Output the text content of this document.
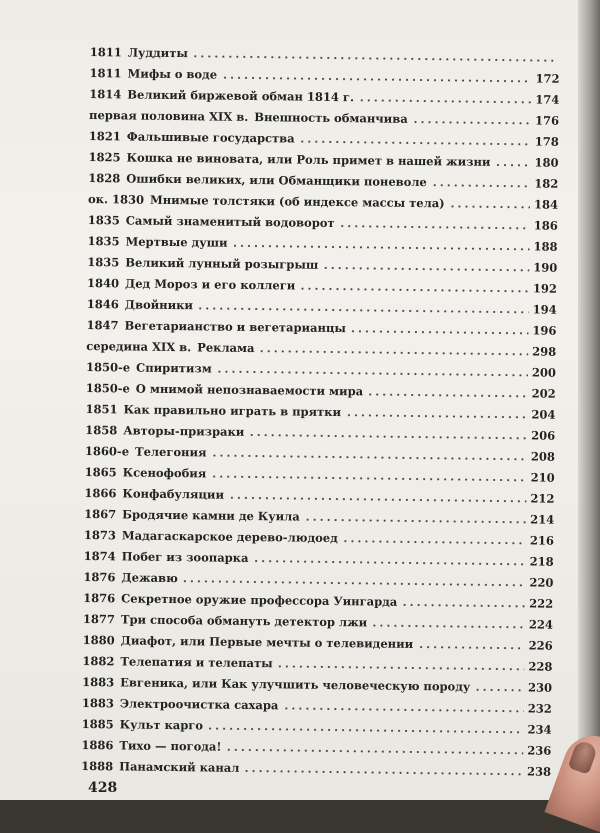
1811 Луддиты
1811 Мифы о воде	172
1814 Великий биржевой обман 1814 г.	174
первая половина XIX в. Внешность обманчива	176
1821 Фальшивые государства	178
1825 Кошка не виновата, или Роль примет в нашей жизни	180
1828 Ошибки великих, или Обманщики поневоле	182
ок. 1830 Мнимые толстяки (об индексе массы тела)	184
1835 Самый знаменитый водоворот	186
1835 Мертвые души	188
1835 Великий лунный розыгрыш	190
1840 Дед Мороз и его коллеги	192
1846 Двойники	194
1847 Вегетарианство и вегетарианцы	196
середина XIX в. Реклама	298
1850-е Спиритизм	200
1850-е О мнимой непознаваемости мира	202
1851 Как правильно играть в прятки	204
1858 Авторы-призраки	206
1860-е Телегония	208
1865 Ксенофобия	210
1866 Конфабуляции	212
1867 Бродячие камни де Куила	214
1873 Мадагаскарское дерево-людоед	216
1874 Побег из зоопарка	218
1876 Дежавю	220
1876 Секретное оружие профессора Уингарда	222
1877 Три способа обмануть детектор лжи	224
1880 Диафот, или Первые мечты о телевидении	226
1882 Телепатия и телепаты	228
1883 Евгеника, или Как улучшить человеческую породу	230
1883 Электроочистка сахара	232
1885 Культ карго	234
1886 Тихо — погода!	236
1888 Панамский канал	238
428
